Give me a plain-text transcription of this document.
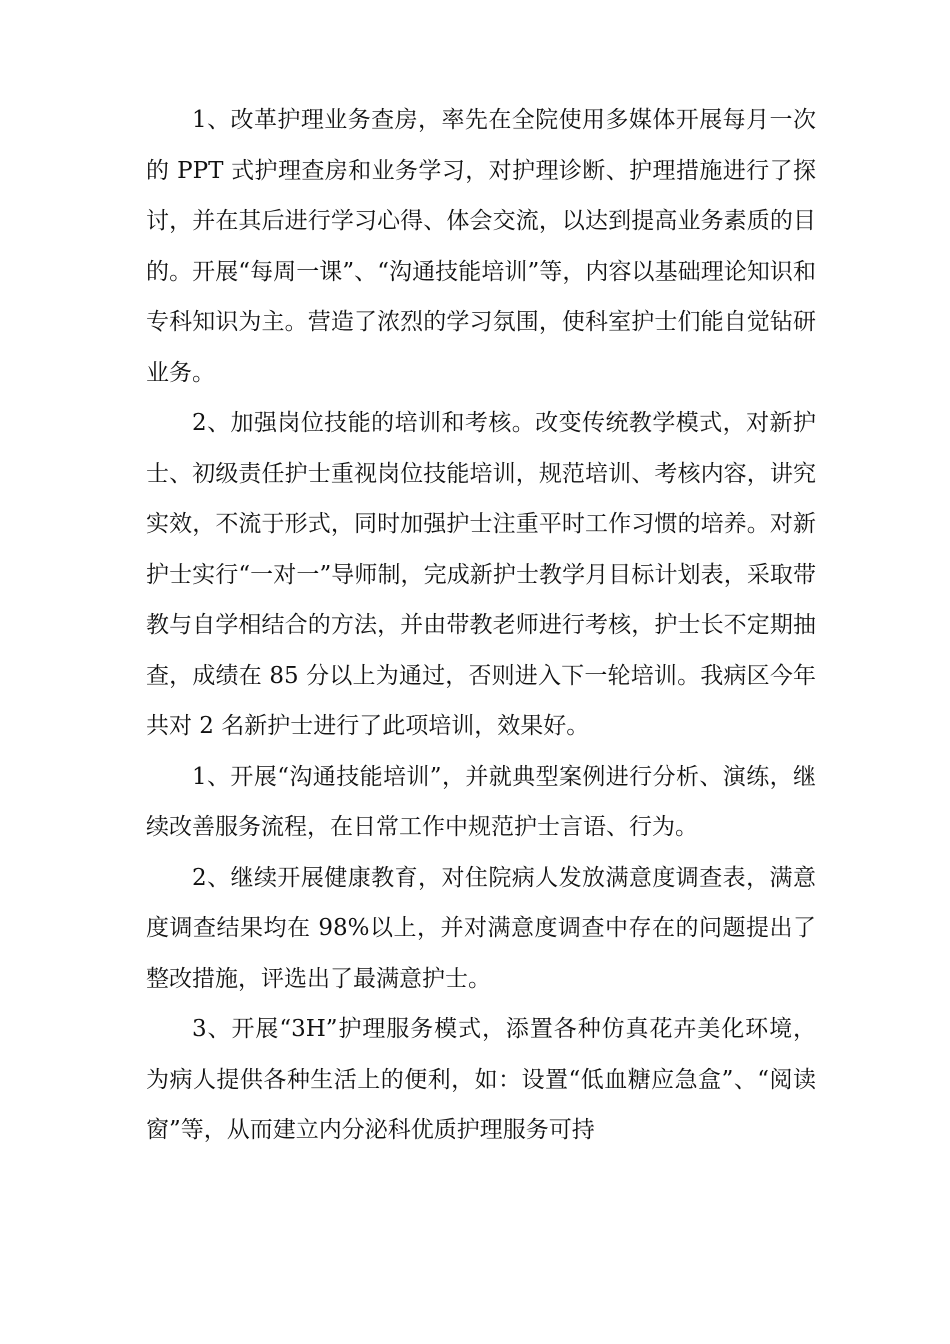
1、改革护理业务查房，率先在全院使用多媒体开展每月一次的 PPT 式护理查房和业务学习，对护理诊断、护理措施进行了探讨，并在其后进行学习心得、体会交流，以达到提高业务素质的目的。开展“每周一课”、“沟通技能培训”等，内容以基础理论知识和专科知识为主。营造了浓烈的学习氛围，使科室护士们能自觉钻研业务。

2、加强岗位技能的培训和考核。改变传统教学模式，对新护士、初级责任护士重视岗位技能培训，规范培训、考核内容，讲究实效，不流于形式，同时加强护士注重平时工作习惯的培养。对新护士实行“一对一”导师制，完成新护士教学月目标计划表，采取带教与自学相结合的方法，并由带教老师进行考核，护士长不定期抽查，成绩在 85 分以上为通过，否则进入下一轮培训。我病区今年共对 2 名新护士进行了此项培训，效果好。

1、开展“沟通技能培训”，并就典型案例进行分析、演练，继续改善服务流程，在日常工作中规范护士言语、行为。

2、继续开展健康教育，对住院病人发放满意度调查表，满意度调查结果均在 98%以上，并对满意度调查中存在的问题提出了整改措施，评选出了最满意护士。

3、开展“3H”护理服务模式，添置各种仿真花卉美化环境，为病人提供各种生活上的便利，如：设置“低血糖应急盒”、“阅读窗”等，从而建立内分泌科优质护理服务可持
